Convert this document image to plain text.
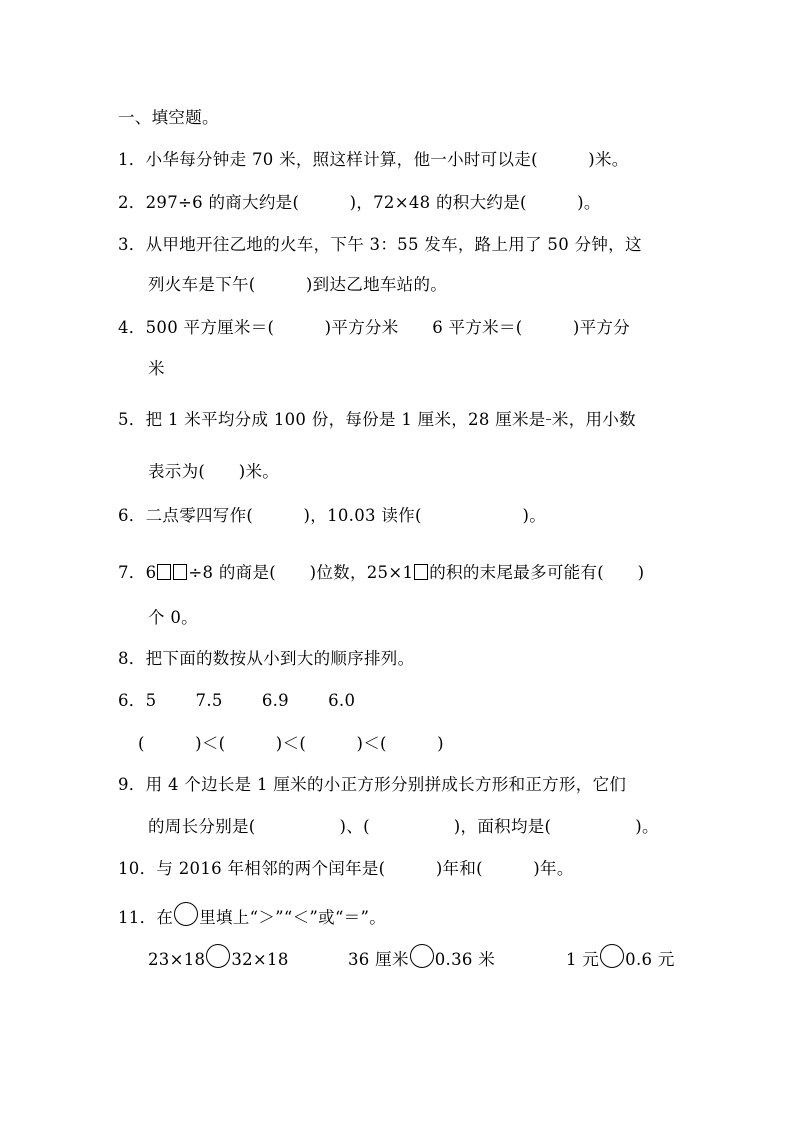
一、填空题。
1．小华每分钟走 70 米，照这样计算，他一小时可以走(　　　)米。
2．297÷6 的商大约是(　　　)，72×48 的积大约是(　　　)。
3．从甲地开往乙地的火车，下午 3：55 发车，路上用了 50 分钟，这
列火车是下午(　　　)到达乙地车站的。
4．500 平方厘米＝(　　　)平方分米　　6 平方米＝(　　　)平方分
米
5．把 1 米平均分成 100 份，每份是 1 厘米，28 厘米是–米，用小数
表示为(　　)米。
6．二点零四写作(　　　)，10.03 读作(　　　　　　)。
7．6 ÷8 的商是(　　)位数，25×1 的积的末尾最多可能有(　　)
个 0。
8．把下面的数按从小到大的顺序排列。
6．5　　 7.5　　 6.9　　 6.0
(　　　)＜(　　　)＜(　　　)＜(　　　)
9．用 4 个边长是 1 厘米的小正方形分别拼成长方形和正方形，它们
的周长分别是(　　　　　)、(　　　　　)，面积均是(　　　　　)。
10．与 2016 年相邻的两个闰年是(　　　)年和(　　　)年。
11．在 里填上“＞”“＜”或“＝”。
23×18 32×18	36 厘米 0.36 米	1 元 0.6 元
